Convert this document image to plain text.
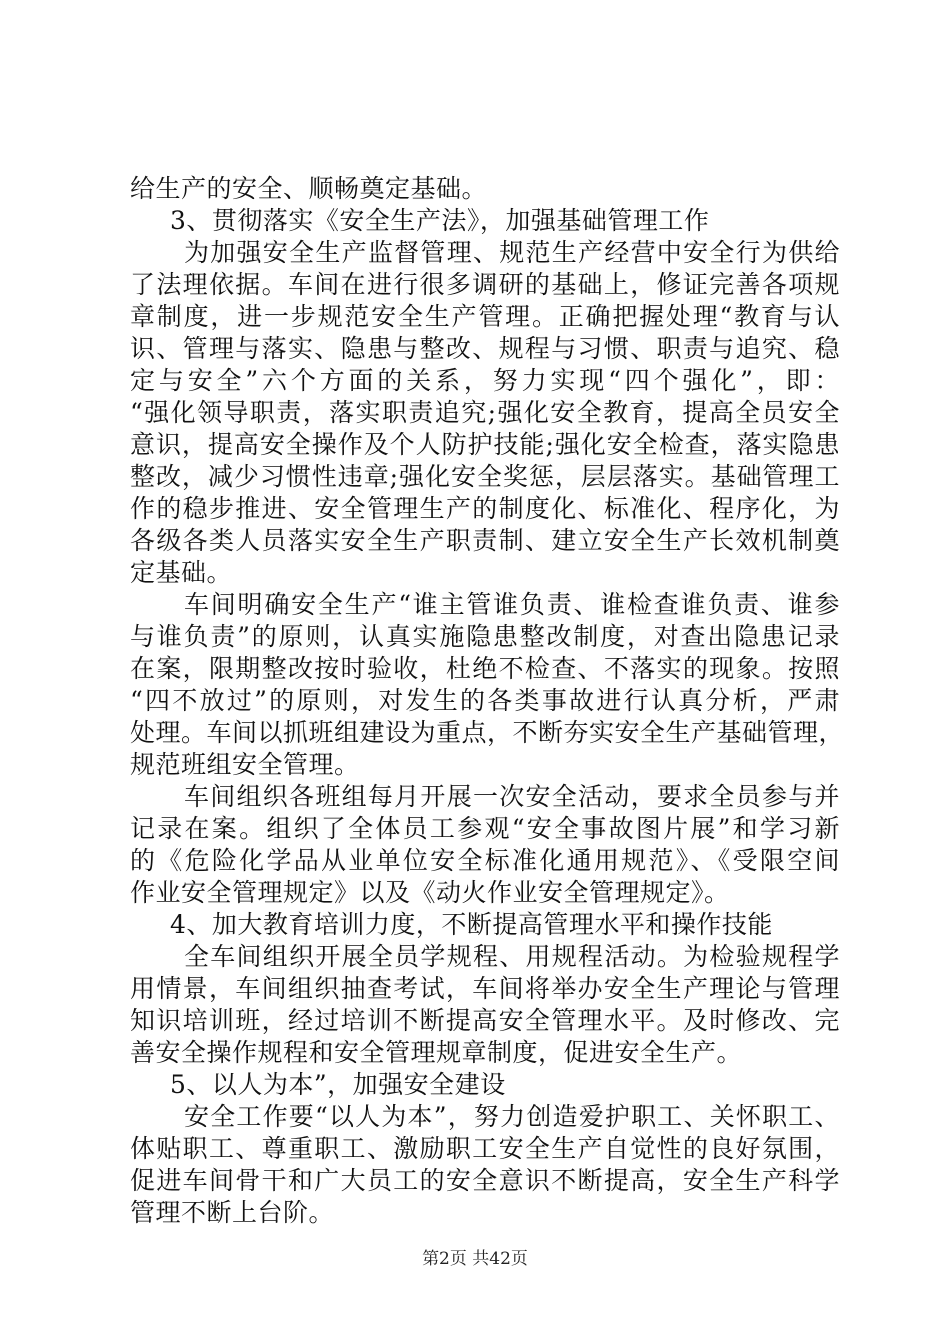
给生产的安全、顺畅奠定基础。
3、贯彻落实《安全生产法》，加强基础管理工作
为加强安全生产监督管理、规范生产经营中安全行为供给
了法理依据。车间在进行很多调研的基础上，修证完善各项规
章制度，进一步规范安全生产管理。正确把握处理“教育与认
识、管理与落实、隐患与整改、规程与习惯、职责与追究、稳
定与安全”六个方面的关系，努力实现“四个强化”，即：
“强化领导职责，落实职责追究;强化安全教育，提高全员安全
意识，提高安全操作及个人防护技能;强化安全检查，落实隐患
整改，减少习惯性违章;强化安全奖惩，层层落实。基础管理工
作的稳步推进、安全管理生产的制度化、标准化、程序化，为
各级各类人员落实安全生产职责制、建立安全生产长效机制奠
定基础。
车间明确安全生产“谁主管谁负责、谁检查谁负责、谁参
与谁负责”的原则，认真实施隐患整改制度，对查出隐患记录
在案，限期整改按时验收，杜绝不检查、不落实的现象。按照
“四不放过”的原则，对发生的各类事故进行认真分析，严肃
处理。车间以抓班组建设为重点，不断夯实安全生产基础管理，
规范班组安全管理。
车间组织各班组每月开展一次安全活动，要求全员参与并
记录在案。组织了全体员工参观“安全事故图片展”和学习新
的《危险化学品从业单位安全标准化通用规范》、《受限空间
作业安全管理规定》以及《动火作业安全管理规定》。
4、加大教育培训力度，不断提高管理水平和操作技能
全车间组织开展全员学规程、用规程活动。为检验规程学
用情景，车间组织抽查考试，车间将举办安全生产理论与管理
知识培训班，经过培训不断提高安全管理水平。及时修改、完
善安全操作规程和安全管理规章制度，促进安全生产。
5、以人为本”，加强安全建设
安全工作要“以人为本”，努力创造爱护职工、关怀职工、
体贴职工、尊重职工、激励职工安全生产自觉性的良好氛围，
促进车间骨干和广大员工的安全意识不断提高，安全生产科学
管理不断上台阶。
第2页 共42页
